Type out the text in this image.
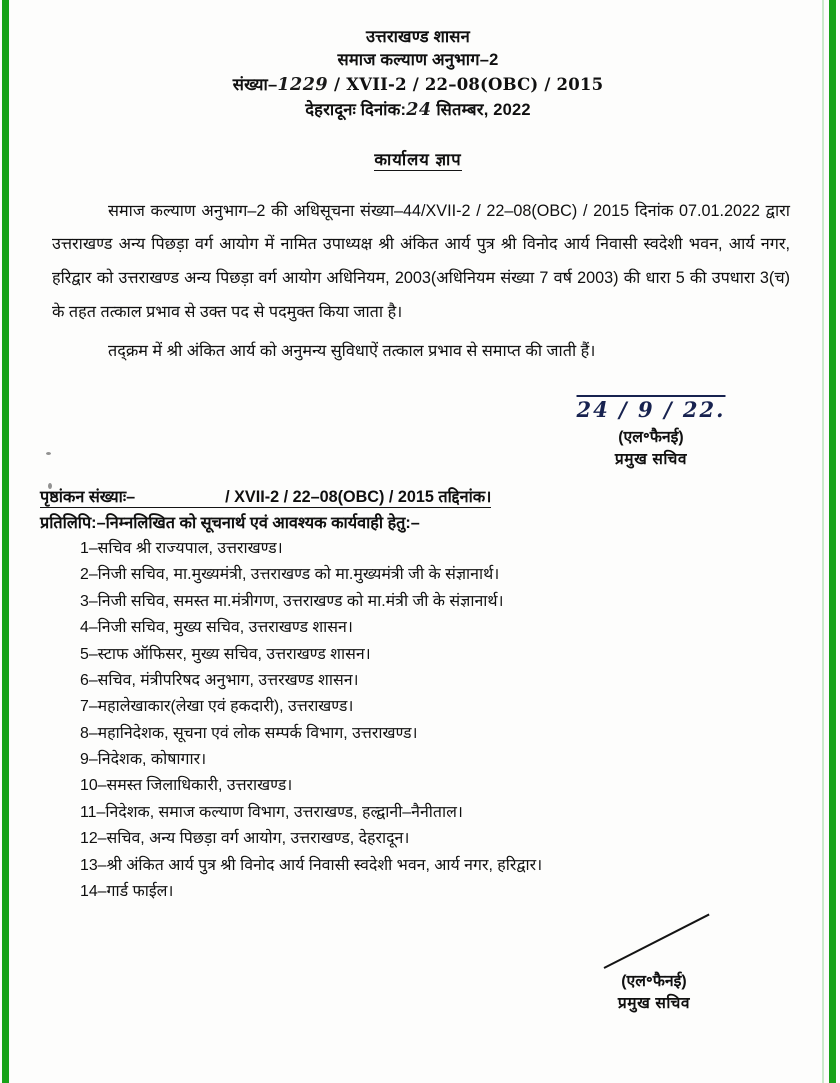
उत्तराखण्ड शासन
समाज कल्याण अनुभाग–2
संख्या–1229 / XVII-2 / 22–08(OBC) / 2015
देहरादूनः दिनांक:24 सितम्बर, 2022
कार्यालय ज्ञाप

समाज कल्याण अनुभाग–2 की अधिसूचना संख्या–44/XVII-2 / 22–08(OBC) / 2015 दिनांक 07.01.2022 द्वारा उत्तराखण्ड अन्य पिछड़ा वर्ग आयोग में नामित उपाध्यक्ष श्री अंकित आर्य पुत्र श्री विनोद आर्य निवासी स्वदेशी भवन, आर्य नगर, हरिद्वार को उत्तराखण्ड अन्य पिछड़ा वर्ग आयोग अधिनियम, 2003(अधिनियम संख्या 7 वर्ष 2003) की धारा 5 की उपधारा 3(च) के तहत तत्काल प्रभाव से उक्त पद से पदमुक्त किया जाता है।

तद्क्रम में श्री अंकित आर्य को अनुमन्य सुविधाऐं तत्काल प्रभाव से समाप्त की जाती हैं।

24 / 9 / 22.
(एल॰फैनई)
प्रमुख सचिव
पृष्ठांकन संख्याः–	/ XVII-2 / 22–08(OBC) / 2015 तद्दिनांक।
प्रतिलिपि:–निम्नलिखित को सूचनार्थ एवं आवश्यक कार्यवाही हेतु:–
1–सचिव श्री राज्यपाल, उत्तराखण्ड।
2–निजी सचिव, मा.मुख्यमंत्री, उत्तराखण्ड को मा.मुख्यमंत्री जी के संज्ञानार्थ।
3–निजी सचिव, समस्त मा.मंत्रीगण, उत्तराखण्ड को मा.मंत्री जी के संज्ञानार्थ।
4–निजी सचिव, मुख्य सचिव, उत्तराखण्ड शासन।
5–स्टाफ ऑफिसर, मुख्य सचिव, उत्तराखण्ड शासन।
6–सचिव, मंत्रीपरिषद अनुभाग, उत्तरखण्ड शासन।
7–महालेखाकार(लेखा एवं हकदारी), उत्तराखण्ड।
8–महानिदेशक, सूचना एवं लोक सम्पर्क विभाग, उत्तराखण्ड।
9–निदेशक, कोषागार।
10–समस्त जिलाधिकारी, उत्तराखण्ड।
11–निदेशक, समाज कल्याण विभाग, उत्तराखण्ड, हल्द्वानी–नैनीताल।
12–सचिव, अन्य पिछड़ा वर्ग आयोग, उत्तराखण्ड, देहरादून।
13–श्री अंकित आर्य पुत्र श्री विनोद आर्य निवासी स्वदेशी भवन, आर्य नगर, हरिद्वार।
14–गार्ड फाईल।
(एल॰फैनई)
प्रमुख सचिव
